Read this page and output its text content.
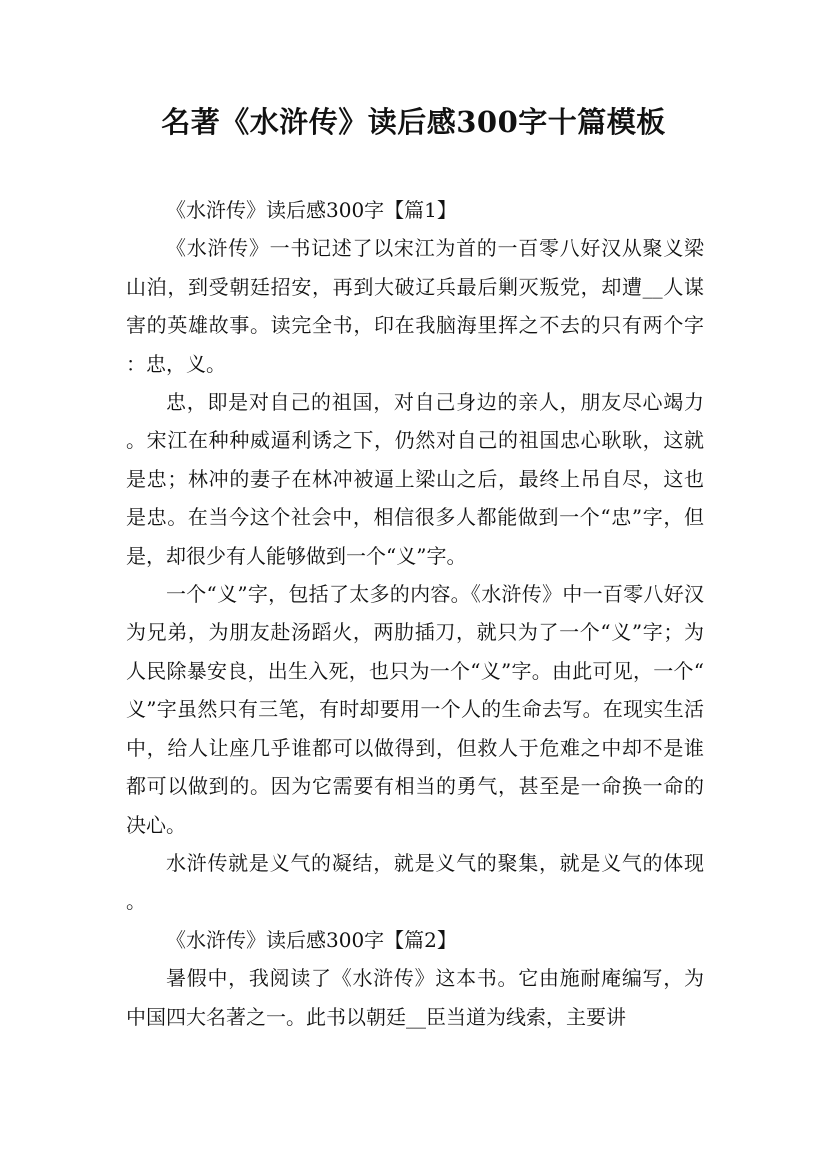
名著《水浒传》读后感300字十篇模板

《水浒传》读后感300字【篇1】

《水浒传》一书记述了以宋江为首的一百零八好汉从聚义梁山泊，到受朝廷招安，再到大破辽兵最后剿灭叛党，却遭__人谋害的英雄故事。读完全书，印在我脑海里挥之不去的只有两个字：忠，义。

忠，即是对自己的祖国，对自己身边的亲人，朋友尽心竭力。宋江在种种威逼利诱之下，仍然对自己的祖国忠心耿耿，这就是忠；林冲的妻子在林冲被逼上梁山之后，最终上吊自尽，这也是忠。在当今这个社会中，相信很多人都能做到一个“忠”字，但是，却很少有人能够做到一个“义”字。

一个“义”字，包括了太多的内容。《水浒传》中一百零八好汉为兄弟，为朋友赴汤蹈火，两肋插刀，就只为了一个“义”字；为人民除暴安良，出生入死，也只为一个“义”字。由此可见，一个“义”字虽然只有三笔，有时却要用一个人的生命去写。在现实生活中，给人让座几乎谁都可以做得到，但救人于危难之中却不是谁都可以做到的。因为它需要有相当的勇气，甚至是一命换一命的决心。

水浒传就是义气的凝结，就是义气的聚集，就是义气的体现。

《水浒传》读后感300字【篇2】

暑假中，我阅读了《水浒传》这本书。它由施耐庵编写，为中国四大名著之一。此书以朝廷__臣当道为线索，主要讲
